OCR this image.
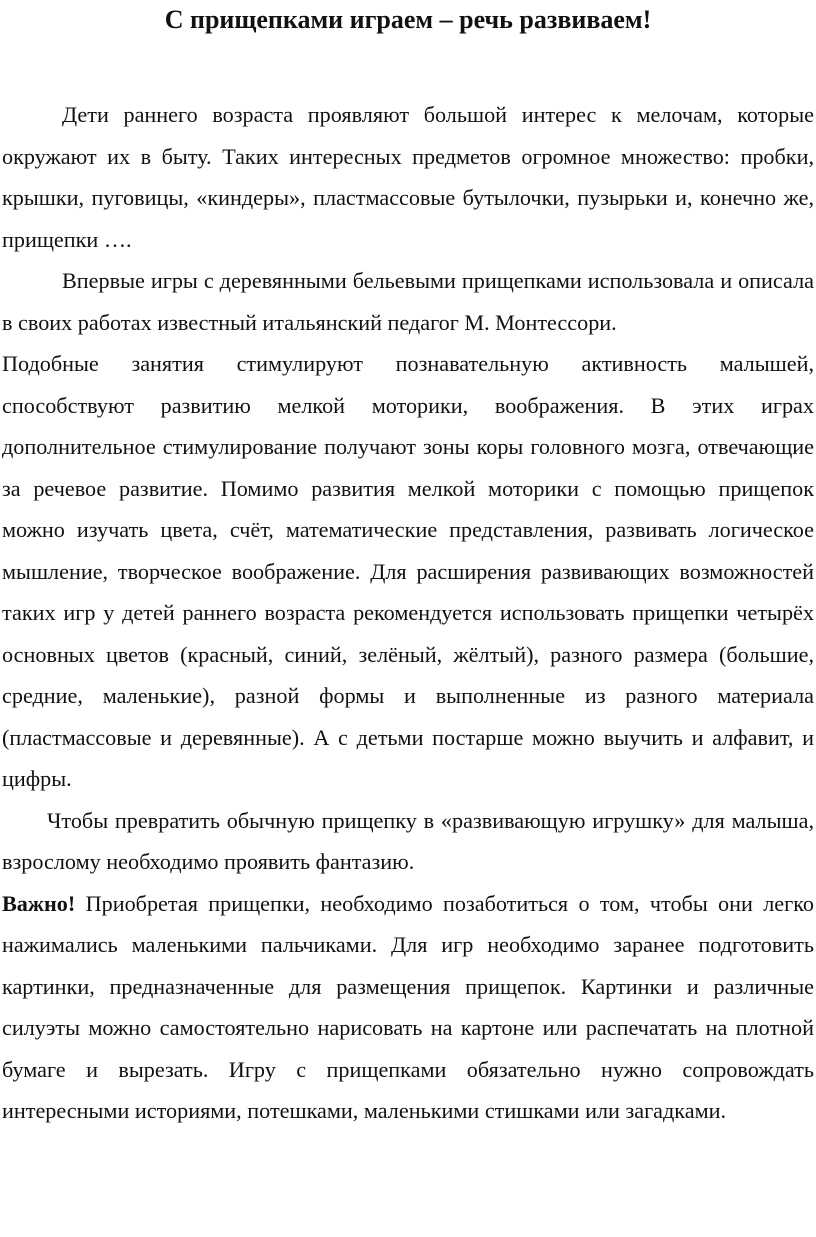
С прищепками играем – речь развиваем!

Дети раннего возраста проявляют большой интерес к мелочам, которые окружают их в быту. Таких интересных предметов огромное множество: пробки, крышки, пуговицы, «киндеры», пластмассовые бутылочки, пузырьки и, конечно же, прищепки ….

Впервые игры с деревянными бельевыми прищепками использовала и описала в своих работах известный итальянский педагог М. Монтессори.

Подобные занятия стимулируют познавательную активность малышей, способствуют развитию мелкой моторики, воображения. В этих играх дополнительное стимулирование получают зоны коры головного мозга, отвечающие за речевое развитие. Помимо развития мелкой моторики с помощью прищепок можно изучать цвета, счёт, математические представления, развивать логическое мышление, творческое воображение. Для расширения развивающих возможностей таких игр у детей раннего возраста рекомендуется использовать прищепки четырёх основных цветов (красный, синий, зелёный, жёлтый), разного размера (большие, средние, маленькие), разной формы и выполненные из разного материала (пластмассовые и деревянные). А с детьми постарше можно выучить и алфавит, и цифры.

Чтобы превратить обычную прищепку в «развивающую игрушку» для малыша, взрослому необходимо проявить фантазию.

Важно! Приобретая прищепки, необходимо позаботиться о том, чтобы они легко нажимались маленькими пальчиками. Для игр необходимо заранее подготовить картинки, предназначенные для размещения прищепок. Картинки и различные силуэты можно самостоятельно нарисовать на картоне или распечатать на плотной бумаге и вырезать. Игру с прищепками обязательно нужно сопровождать интересными историями, потешками, маленькими стишками или загадками.
